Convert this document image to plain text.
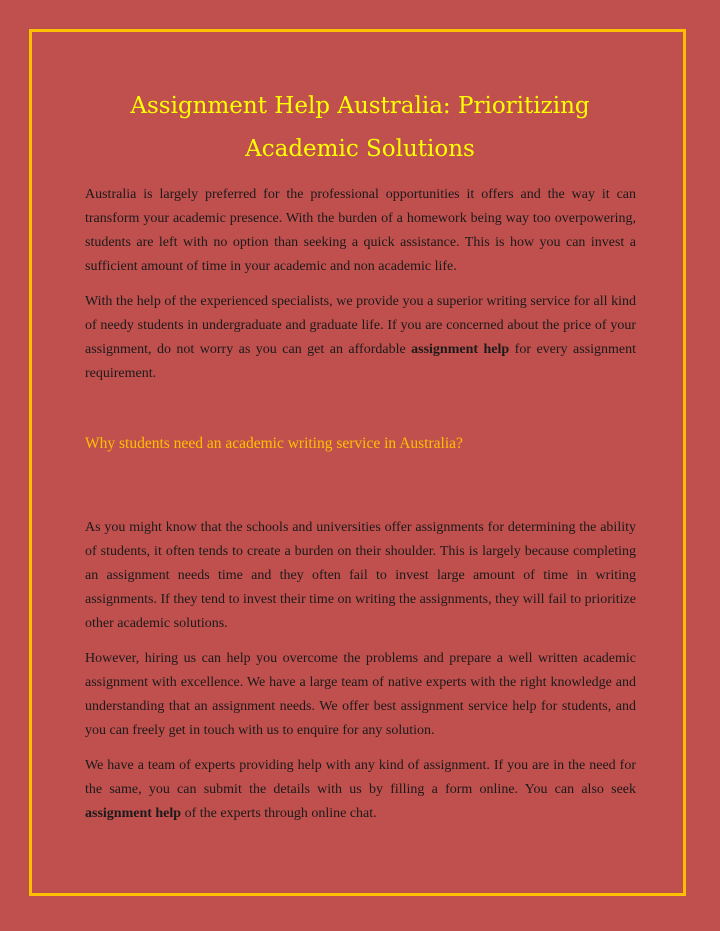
Assignment Help Australia: Prioritizing
Academic Solutions

Australia is largely preferred for the professional opportunities it offers and the way it can transform your academic presence. With the burden of a homework being way too overpowering, students are left with no option than seeking a quick assistance. This is how you can invest a sufficient amount of time in your academic and non academic life.

With the help of the experienced specialists, we provide you a superior writing service for all kind of needy students in undergraduate and graduate life. If you are concerned about the price of your assignment, do not worry as you can get an affordable assignment help for every assignment requirement.

Why students need an academic writing service in Australia?

As you might know that the schools and universities offer assignments for determining the ability of students, it often tends to create a burden on their shoulder. This is largely because completing an assignment needs time and they often fail to invest large amount of time in writing assignments. If they tend to invest their time on writing the assignments, they will fail to prioritize other academic solutions.

However, hiring us can help you overcome the problems and prepare a well written academic assignment with excellence. We have a large team of native experts with the right knowledge and understanding that an assignment needs. We offer best assignment service help for students, and you can freely get in touch with us to enquire for any solution.

We have a team of experts providing help with any kind of assignment. If you are in the need for the same, you can submit the details with us by filling a form online. You can also seek assignment help of the experts through online chat.
